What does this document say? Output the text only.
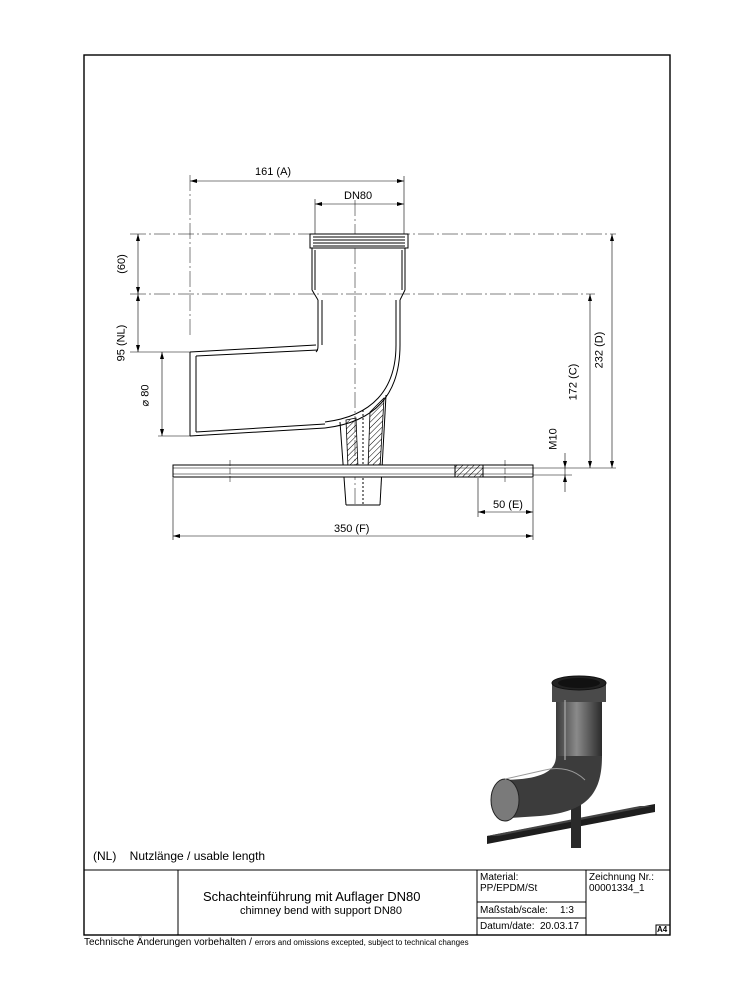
161 (A)
DN80
(60)
95 (NL)
⌀ 80	172 (C)
232 (D)
M10
50 (E)
350 (F)
(NL)    Nutzlänge / usable length
Schachteinführung mit Auflager DN80
chimney bend with support DN80
Material:
PP/EPDM/St
Zeichnung Nr.:
00001334_1
Maßstab/scale: 1:3
Datum/date: 20.03.17	A4
Technische Änderungen vorbehalten / errors and omissions excepted, subject to technical changes
